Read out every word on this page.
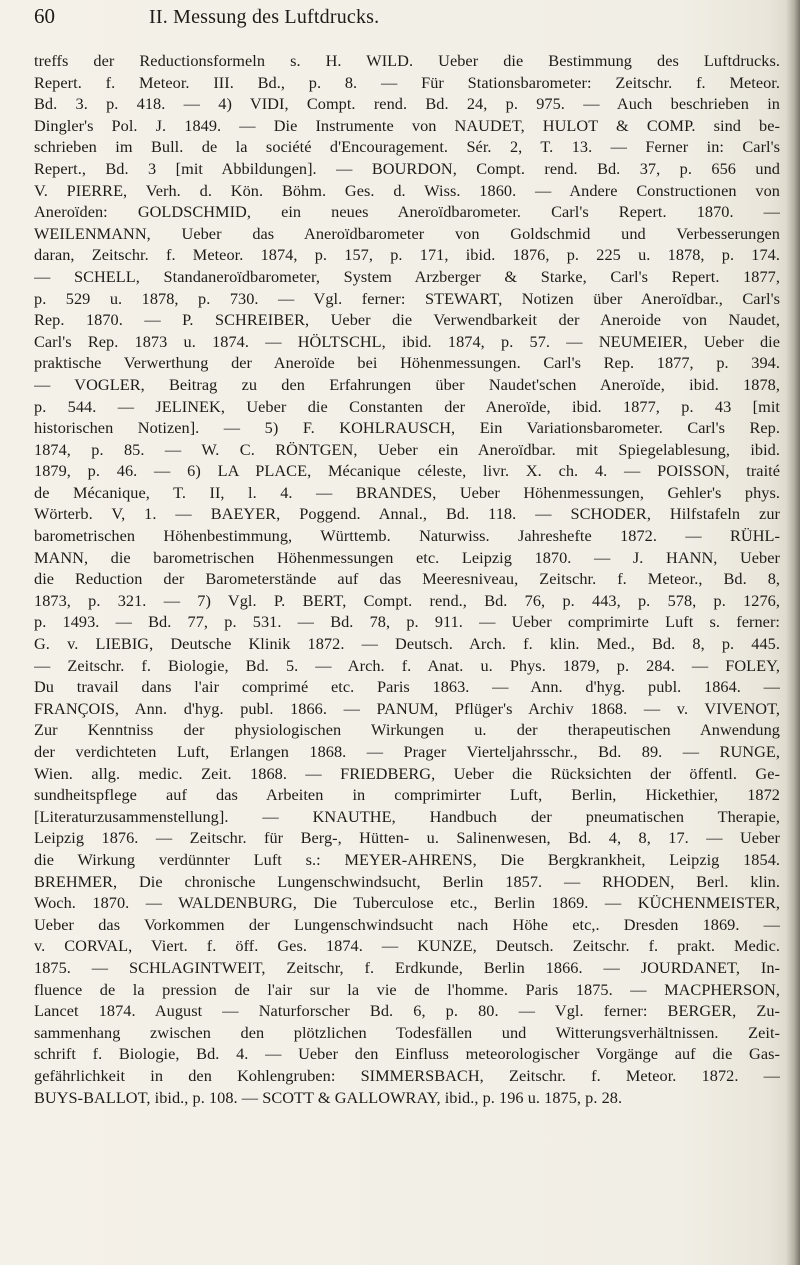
60	II. Messung des Luftdrucks.
treffs der Reductionsformeln s. H. WILD. Ueber die Bestimmung des Luftdrucks.
Repert. f. Meteor. III. Bd., p. 8. — Für Stationsbarometer: Zeitschr. f. Meteor.
Bd. 3. p. 418. — 4) VIDI, Compt. rend. Bd. 24, p. 975. — Auch beschrieben in
Dingler's Pol. J. 1849. — Die Instrumente von NAUDET, HULOT & COMP. sind be-
schrieben im Bull. de la société d'Encouragement. Sér. 2, T. 13. — Ferner in: Carl's
Repert., Bd. 3 [mit Abbildungen]. — BOURDON, Compt. rend. Bd. 37, p. 656 und
V. PIERRE, Verh. d. Kön. Böhm. Ges. d. Wiss. 1860. — Andere Constructionen von
Aneroïden: GOLDSCHMID, ein neues Aneroïdbarometer. Carl's Repert. 1870. —
WEILENMANN, Ueber das Aneroïdbarometer von Goldschmid und Verbesserungen
daran, Zeitschr. f. Meteor. 1874, p. 157, p. 171, ibid. 1876, p. 225 u. 1878, p. 174.
— SCHELL, Standaneroïdbarometer, System Arzberger & Starke, Carl's Repert. 1877,
p. 529 u. 1878, p. 730. — Vgl. ferner: STEWART, Notizen über Aneroïdbar., Carl's
Rep. 1870. — P. SCHREIBER, Ueber die Verwendbarkeit der Aneroide von Naudet,
Carl's Rep. 1873 u. 1874. — HÖLTSCHL, ibid. 1874, p. 57. — NEUMEIER, Ueber die
praktische Verwerthung der Aneroïde bei Höhenmessungen. Carl's Rep. 1877, p. 394.
— VOGLER, Beitrag zu den Erfahrungen über Naudet'schen Aneroïde, ibid. 1878,
p. 544. — JELINEK, Ueber die Constanten der Aneroïde, ibid. 1877, p. 43 [mit
historischen Notizen]. — 5) F. KOHLRAUSCH, Ein Variationsbarometer. Carl's Rep.
1874, p. 85. — W. C. RÖNTGEN, Ueber ein Aneroïdbar. mit Spiegelablesung, ibid.
1879, p. 46. — 6) LA PLACE, Mécanique céleste, livr. X. ch. 4. — POISSON, traité
de Mécanique, T. II, l. 4. — BRANDES, Ueber Höhenmessungen, Gehler's phys.
Wörterb. V, 1. — BAEYER, Poggend. Annal., Bd. 118. — SCHODER, Hilfstafeln zur
barometrischen Höhenbestimmung, Württemb. Naturwiss. Jahreshefte 1872. — RÜHL-
MANN, die barometrischen Höhenmessungen etc. Leipzig 1870. — J. HANN, Ueber
die Reduction der Barometerstände auf das Meeresniveau, Zeitschr. f. Meteor., Bd. 8,
1873, p. 321. — 7) Vgl. P. BERT, Compt. rend., Bd. 76, p. 443, p. 578, p. 1276,
p. 1493. — Bd. 77, p. 531. — Bd. 78, p. 911. — Ueber comprimirte Luft s. ferner:
G. v. LIEBIG, Deutsche Klinik 1872. — Deutsch. Arch. f. klin. Med., Bd. 8, p. 445.
— Zeitschr. f. Biologie, Bd. 5. — Arch. f. Anat. u. Phys. 1879, p. 284. — FOLEY,
Du travail dans l'air comprimé etc. Paris 1863. — Ann. d'hyg. publ. 1864. —
FRANÇOIS, Ann. d'hyg. publ. 1866. — PANUM, Pflüger's Archiv 1868. — v. VIVENOT,
Zur Kenntniss der physiologischen Wirkungen u. der therapeutischen Anwendung
der verdichteten Luft, Erlangen 1868. — Prager Vierteljahrsschr., Bd. 89. — RUNGE,
Wien. allg. medic. Zeit. 1868. — FRIEDBERG, Ueber die Rücksichten der öffentl. Ge-
sundheitspflege auf das Arbeiten in comprimirter Luft, Berlin, Hickethier, 1872
[Literaturzusammenstellung]. — KNAUTHE, Handbuch der pneumatischen Therapie,
Leipzig 1876. — Zeitschr. für Berg-, Hütten- u. Salinenwesen, Bd. 4, 8, 17. — Ueber
die Wirkung verdünnter Luft s.: MEYER-AHRENS, Die Bergkrankheit, Leipzig 1854.
BREHMER, Die chronische Lungenschwindsucht, Berlin 1857. — RHODEN, Berl. klin.
Woch. 1870. — WALDENBURG, Die Tuberculose etc., Berlin 1869. — KÜCHENMEISTER,
Ueber das Vorkommen der Lungenschwindsucht nach Höhe etc,. Dresden 1869. —
v. CORVAL, Viert. f. öff. Ges. 1874. — KUNZE, Deutsch. Zeitschr. f. prakt. Medic.
1875. — SCHLAGINTWEIT, Zeitschr, f. Erdkunde, Berlin 1866. — JOURDANET, In-
fluence de la pression de l'air sur la vie de l'homme. Paris 1875. — MACPHERSON,
Lancet 1874. August — Naturforscher Bd. 6, p. 80. — Vgl. ferner: BERGER, Zu-
sammenhang zwischen den plötzlichen Todesfällen und Witterungsverhältnissen. Zeit-
schrift f. Biologie, Bd. 4. — Ueber den Einfluss meteorologischer Vorgänge auf die Gas-
gefährlichkeit in den Kohlengruben: SIMMERSBACH, Zeitschr. f. Meteor. 1872. —
BUYS-BALLOT, ibid., p. 108. — SCOTT & GALLOWRAY, ibid., p. 196 u. 1875, p. 28.
